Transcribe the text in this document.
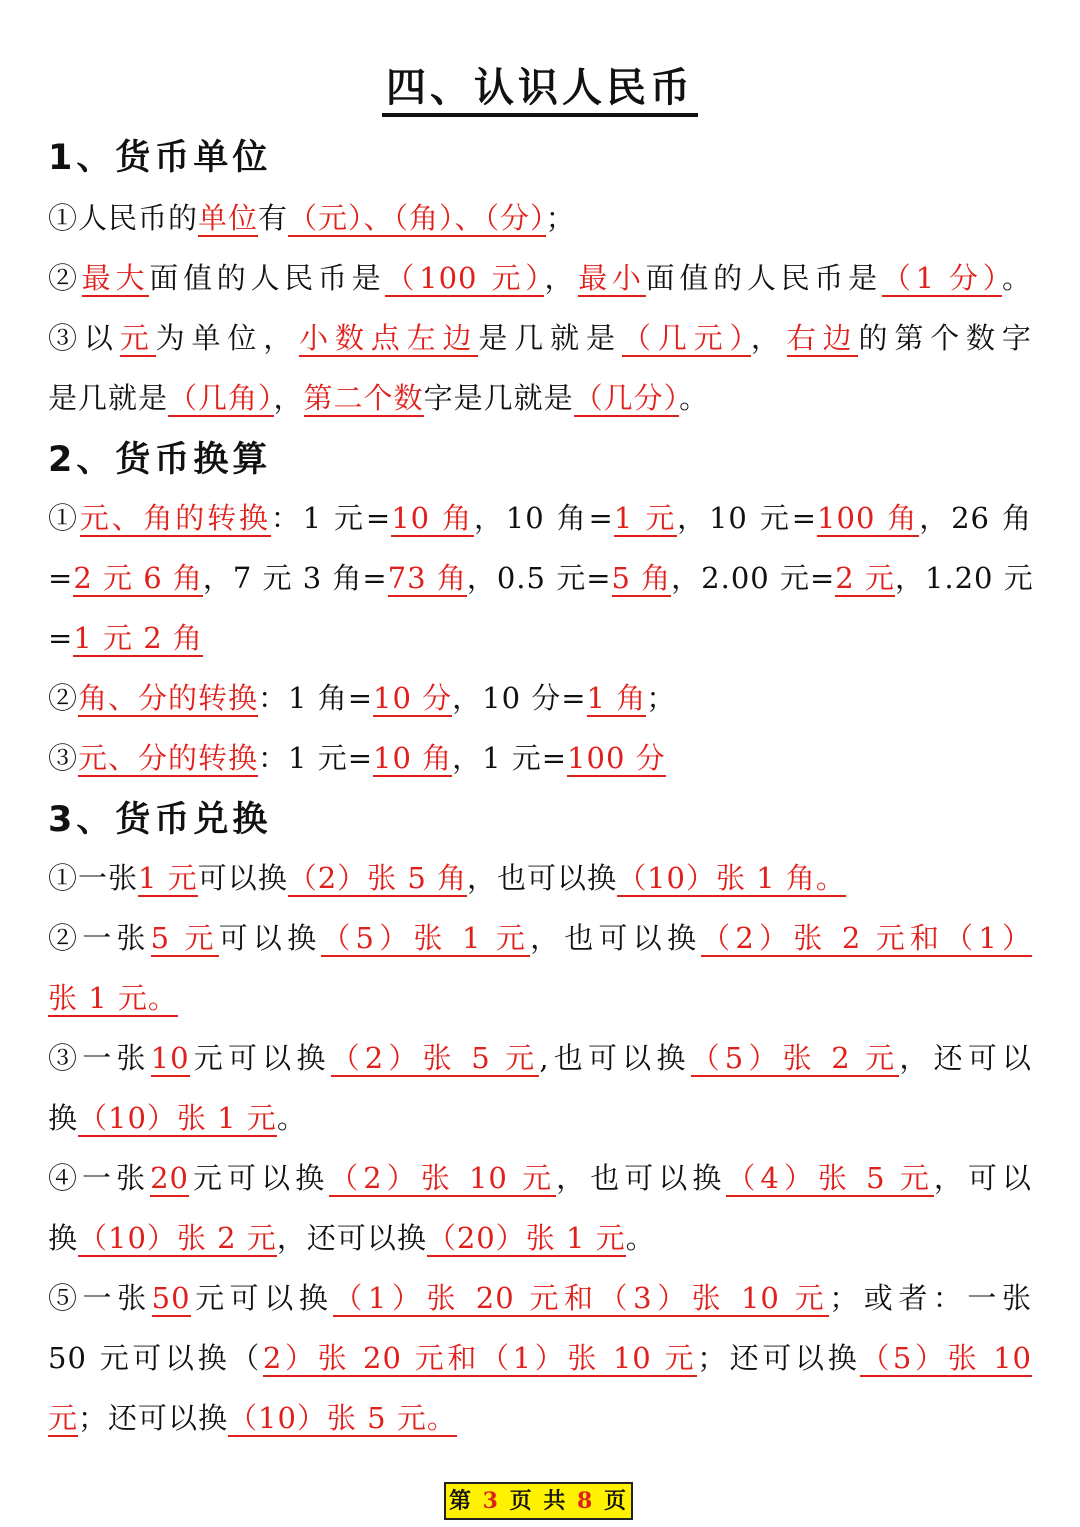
四、认识人民币
1、货币单位
①人民币的单位有（元）、（角）、（分）；
②最大面值的人民币是（100 元），最小面值的人民币是（1 分）。
③以元为单位，小数点左边是几就是（几元），右边的第个数字
是几就是（几角），第二个数字是几就是（几分）。
2、货币换算
①元、角的转换：1 元=10 角，10 角=1 元，10 元=100 角，26 角
=2 元 6 角，7 元 3 角=73 角，0.5 元=5 角，2.00 元=2 元，1.20 元
=1 元 2 角
②角、分的转换：1 角=10 分，10 分=1 角；
③元、分的转换：1 元=10 角，1 元=100 分
3、货币兑换
①一张1 元可以换（2）张 5 角，也可以换（10）张 1 角。
②一张5 元可以换（5）张 1 元，也可以换（2）张 2 元和（1）
张 1 元。
③一张10元可以换（2）张 5 元,也可以换（5）张 2 元，还可以
换（10）张 1 元。
④一张20元可以换（2）张 10 元，也可以换（4）张 5 元，可以
换（10）张 2 元，还可以换（20）张 1 元。
⑤一张50元可以换（1）张 20 元和（3）张 10 元；或者：一张
50 元可以换（2）张 20 元和（1）张 10 元；还可以换（5）张 10
元；还可以换（10）张 5 元。
第 3 页 共 8 页
